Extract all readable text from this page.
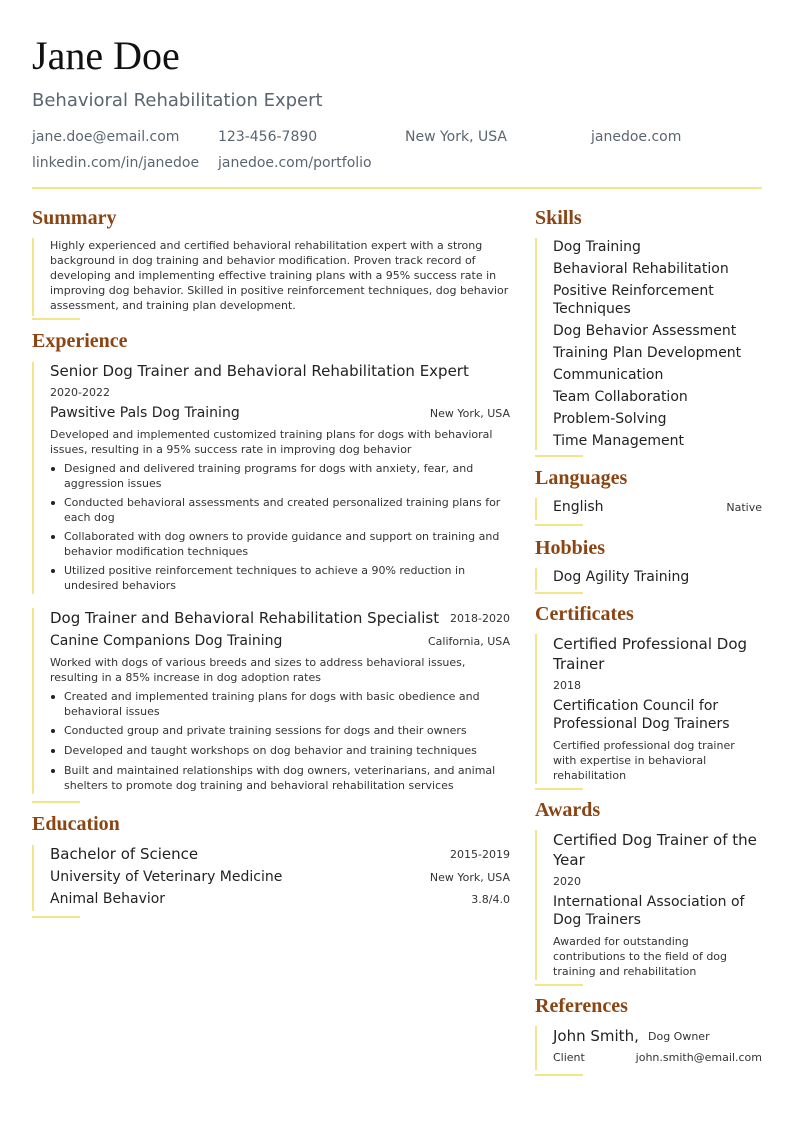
Jane Doe
Behavioral Rehabilitation Expert
jane.doe@email.com	123-456-7890	New York, USA	janedoe.com
linkedin.com/in/janedoe janedoe.com/portfolio
Summary
Highly experienced and certified behavioral rehabilitation expert with a strong background in dog training and behavior modification. Proven track record of developing and implementing effective training plans with a 95% success rate in improving dog behavior. Skilled in positive reinforcement techniques, dog behavior assessment, and training plan development.
Experience
Senior Dog Trainer and Behavioral Rehabilitation Expert
2020-2022
Pawsitive Pals Dog Training	New York, USA
Developed and implemented customized training plans for dogs with behavioral issues, resulting in a 95% success rate in improving dog behavior
Designed and delivered training programs for dogs with anxiety, fear, and aggression issues
Conducted behavioral assessments and created personalized training plans for each dog
Collaborated with dog owners to provide guidance and support on training and behavior modification techniques
Utilized positive reinforcement techniques to achieve a 90% reduction in undesired behaviors
Dog Trainer and Behavioral Rehabilitation Specialist 2018-2020
Canine Companions Dog Training	California, USA
Worked with dogs of various breeds and sizes to address behavioral issues, resulting in a 85% increase in dog adoption rates
Created and implemented training plans for dogs with basic obedience and behavioral issues
Conducted group and private training sessions for dogs and their owners
Developed and taught workshops on dog behavior and training techniques
Built and maintained relationships with dog owners, veterinarians, and animal shelters to promote dog training and behavioral rehabilitation services
Education
Bachelor of Science	2015-2019
University of Veterinary Medicine	New York, USA
Animal Behavior	3.8/4.0
Skills
Dog Training
Behavioral Rehabilitation
Positive Reinforcement Techniques
Dog Behavior Assessment
Training Plan Development
Communication
Team Collaboration
Problem-Solving
Time Management
Languages
English	Native
Hobbies
Dog Agility Training
Certificates
Certified Professional Dog Trainer
2018
Certification Council for Professional Dog Trainers
Certified professional dog trainer with expertise in behavioral rehabilitation
Awards
Certified Dog Trainer of the Year
2020
International Association of Dog Trainers
Awarded for outstanding contributions to the field of dog training and rehabilitation
References
John Smith, Dog Owner
Client	john.smith@email.com
